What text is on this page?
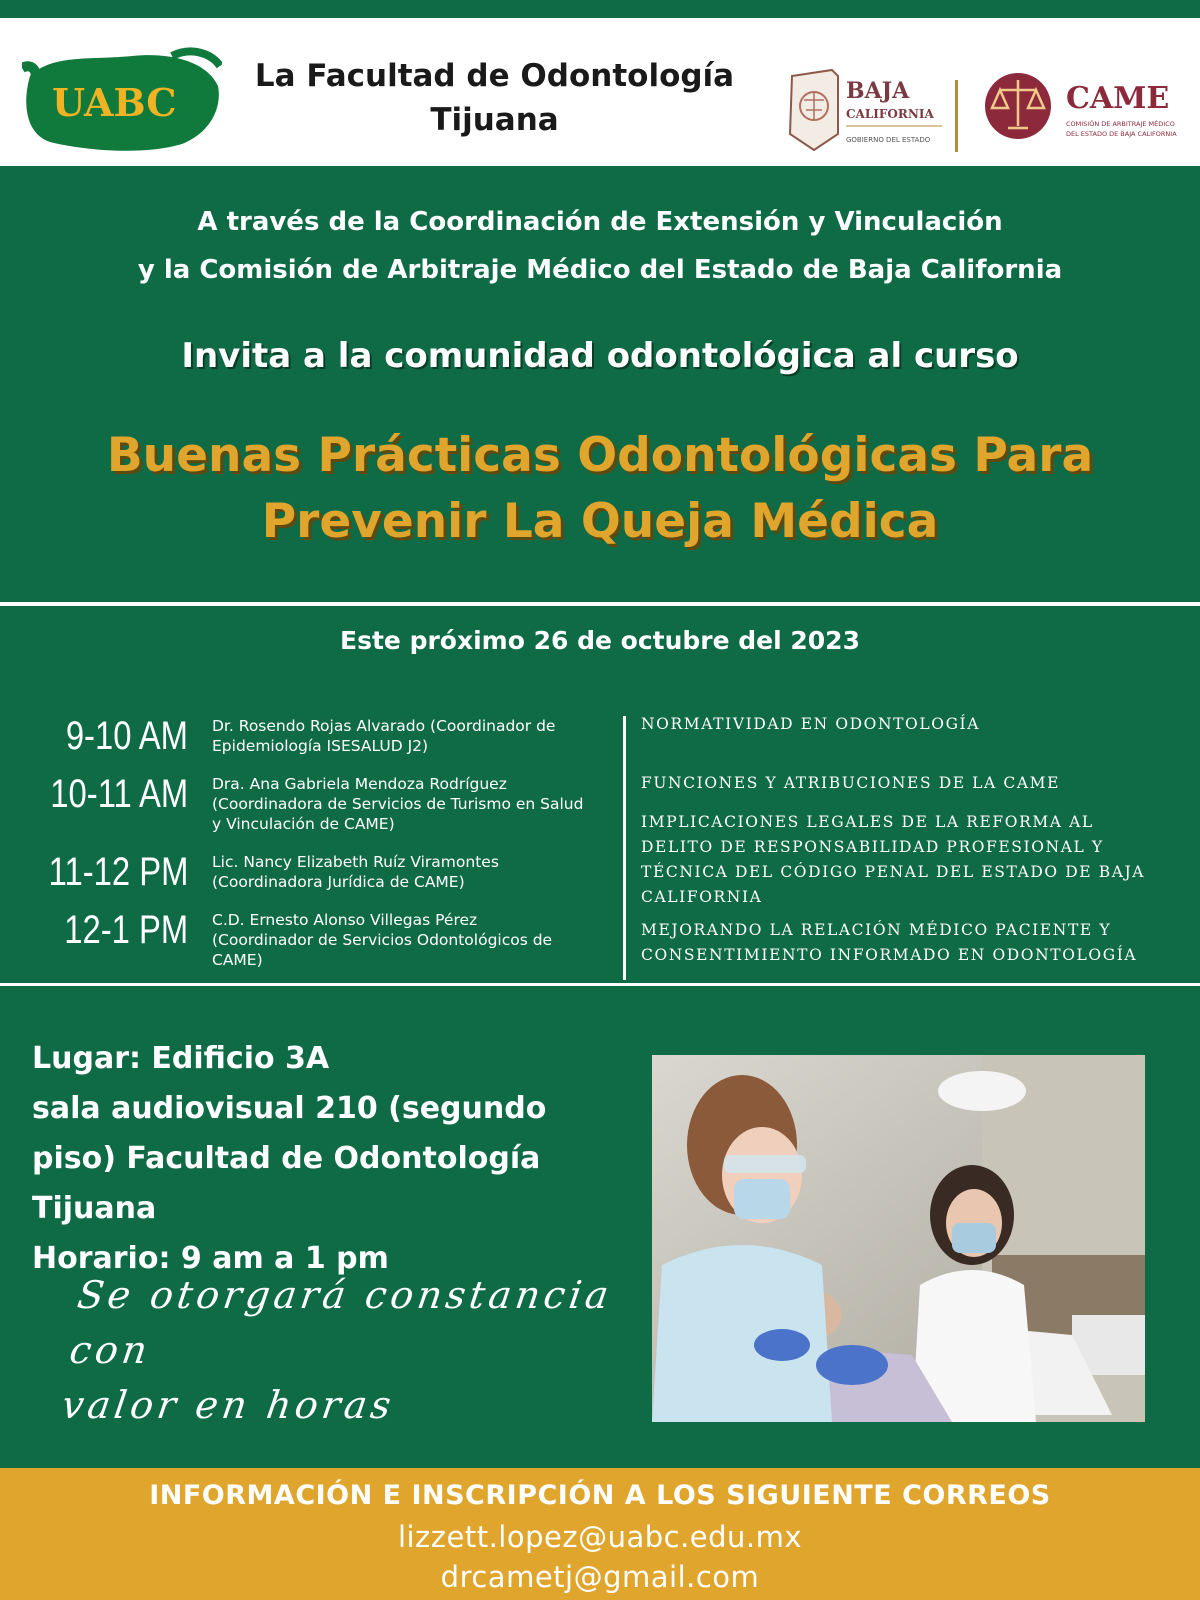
UABC
La Facultad de Odontología
Tijuana
BAJA
CALIFORNIA
GOBIERNO DEL ESTADO
CAME
COMISIÓN DE ARBITRAJE MÉDICO
DEL ESTADO DE BAJA CALIFORNIA
A través de la Coordinación de Extensión y Vinculación
y la Comisión de Arbitraje Médico del Estado de Baja California
Invita a la comunidad odontológica al curso
Buenas Prácticas Odontológicas Para
Prevenir La Queja Médica
Este próximo 26 de octubre del 2023
9-10 AM Dr. Rosendo Rojas Alvarado (Coordinador de
Epidemiología ISESALUD J2)
10-11 AM Dra. Ana Gabriela Mendoza Rodríguez
(Coordinadora de Servicios de Turismo en Salud
y Vinculación de CAME)
11-12 PM Lic. Nancy Elizabeth Ruíz Viramontes
(Coordinadora Jurídica de CAME)
12-1 PM C.D. Ernesto Alonso Villegas Pérez
(Coordinador de Servicios Odontológicos de
CAME)
NORMATIVIDAD EN ODONTOLOGÍA
FUNCIONES Y ATRIBUCIONES DE LA CAME
IMPLICACIONES LEGALES DE LA REFORMA AL
DELITO DE RESPONSABILIDAD PROFESIONAL Y
TÉCNICA DEL CÓDIGO PENAL DEL ESTADO DE BAJA
CALIFORNIA
MEJORANDO LA RELACIÓN MÉDICO PACIENTE Y
CONSENTIMIENTO INFORMADO EN ODONTOLOGÍA
Lugar: Edificio 3A
sala audiovisual 210 (segundo
piso) Facultad de Odontología
Tijuana
Horario: 9 am a 1 pm
Se otorgará constancia con
valor en horas
INFORMACIÓN E INSCRIPCIÓN A LOS SIGUIENTE CORREOS
lizzett.lopez@uabc.edu.mx
drcametj@gmail.com
